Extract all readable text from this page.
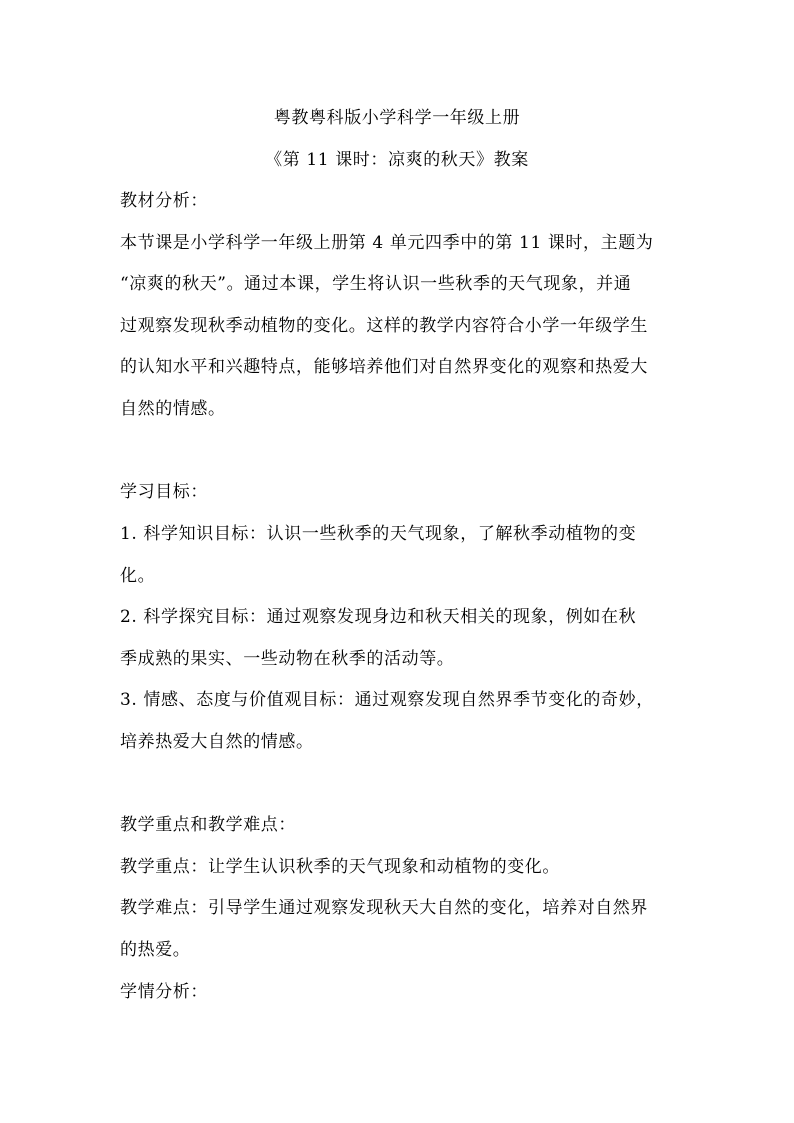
粤教粤科版小学科学一年级上册
《第 11 课时：凉爽的秋天》教案
教材分析：
本节课是小学科学一年级上册第 4 单元四季中的第 11 课时，主题为
“凉爽的秋天”。通过本课，学生将认识一些秋季的天气现象，并通
过观察发现秋季动植物的变化。这样的教学内容符合小学一年级学生
的认知水平和兴趣特点，能够培养他们对自然界变化的观察和热爱大
自然的情感。
学习目标：
1. 科学知识目标：认识一些秋季的天气现象，了解秋季动植物的变
化。
2. 科学探究目标：通过观察发现身边和秋天相关的现象，例如在秋
季成熟的果实、一些动物在秋季的活动等。
3. 情感、态度与价值观目标：通过观察发现自然界季节变化的奇妙，
培养热爱大自然的情感。
教学重点和教学难点：
教学重点：让学生认识秋季的天气现象和动植物的变化。
教学难点：引导学生通过观察发现秋天大自然的变化，培养对自然界
的热爱。
学情分析：
